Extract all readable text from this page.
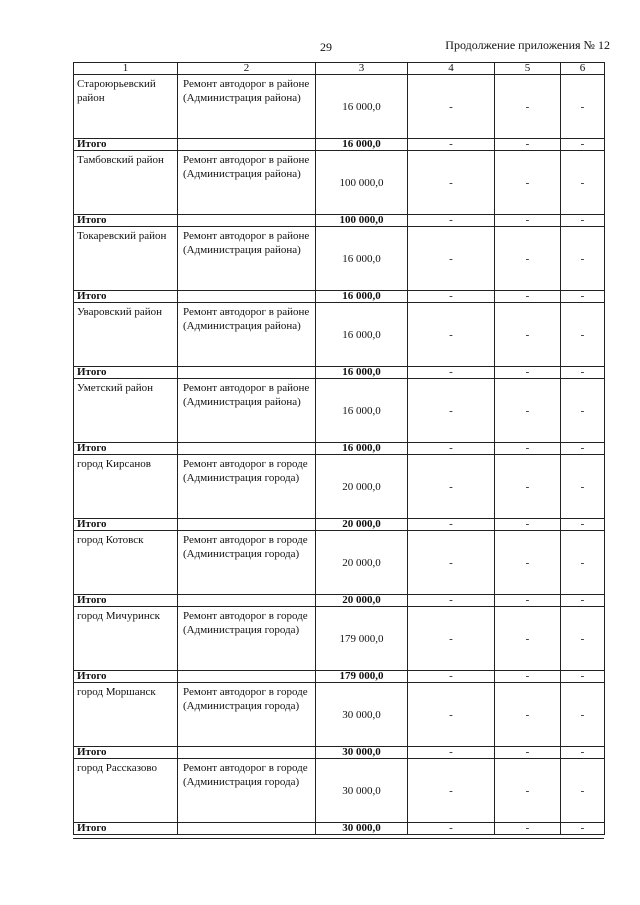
29	Продолжение приложения № 12
1	2	3	4	5	6
Староюрьевский район	Ремонт автодорог в районе (Администрация района)	16 000,0	-	-	-
Итого		16 000,0	-	-	-
Тамбовский район	Ремонт автодорог в районе (Администрация района)	100 000,0	-	-	-
Итого		100 000,0	-	-	-
Токаревский район	Ремонт автодорог в районе (Администрация района)	16 000,0	-	-	-
Итого		16 000,0	-	-	-
Уваровский район	Ремонт автодорог в районе (Администрация района)	16 000,0	-	-	-
Итого		16 000,0	-	-	-
Уметский район	Ремонт автодорог в районе (Администрация района)	16 000,0	-	-	-
Итого		16 000,0	-	-	-
город Кирсанов	Ремонт автодорог в городе (Администрация города)	20 000,0	-	-	-
Итого		20 000,0	-	-	-
город Котовск	Ремонт автодорог в городе (Администрация города)	20 000,0	-	-	-
Итого		20 000,0	-	-	-
город Мичуринск	Ремонт автодорог в городе (Администрация города)	179 000,0	-	-	-
Итого		179 000,0	-	-	-
город Моршанск	Ремонт автодорог в городе (Администрация города)	30 000,0	-	-	-
Итого		30 000,0	-	-	-
город Рассказово	Ремонт автодорог в городе (Администрация города)	30 000,0	-	-	-
Итого		30 000,0	-	-	-
